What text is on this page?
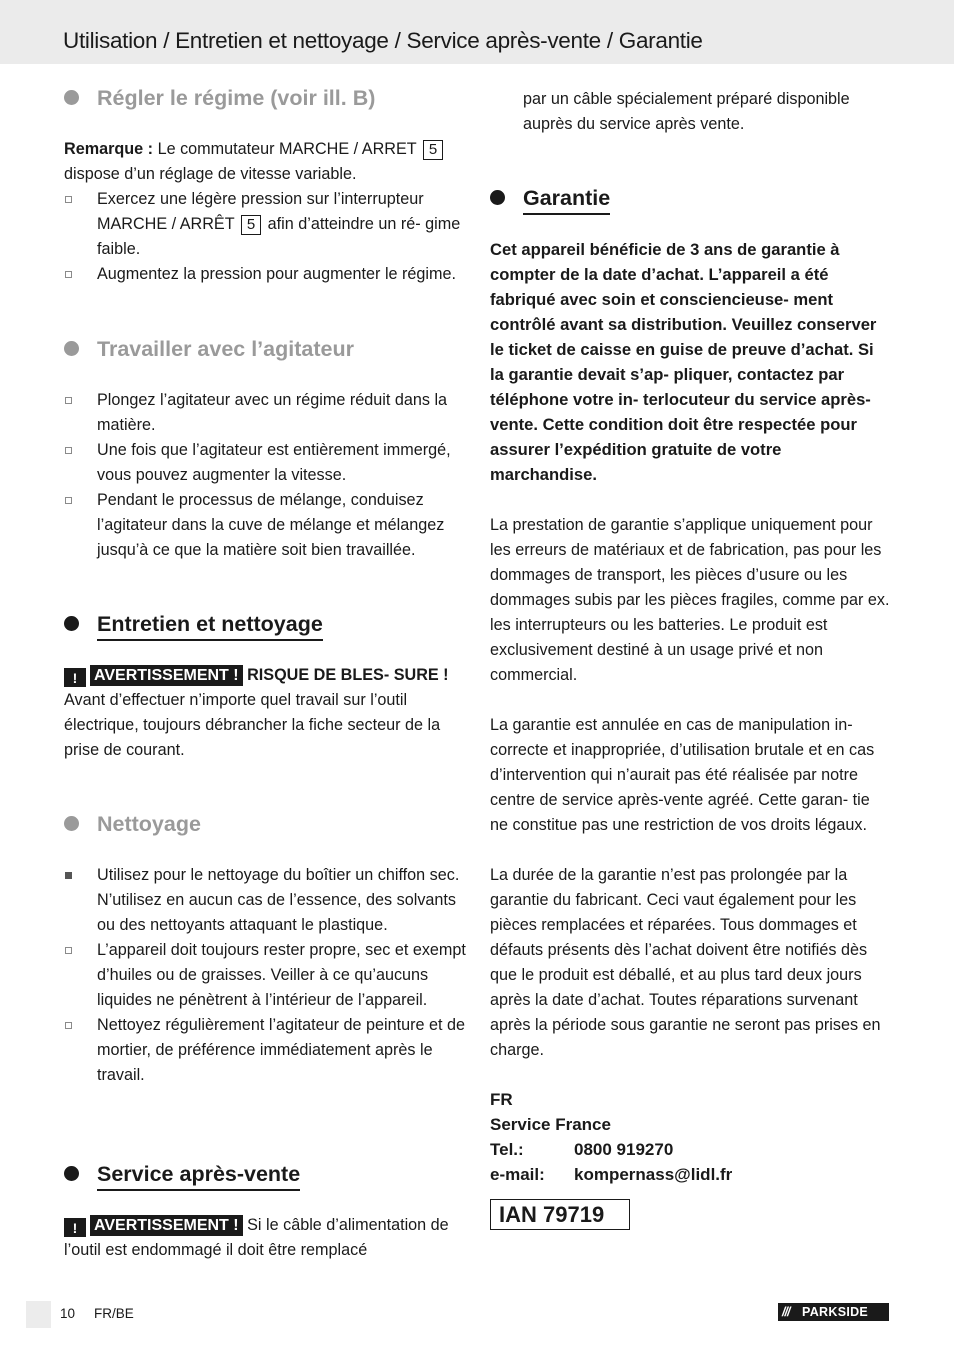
Utilisation / Entretien et nettoyage / Service après-vente / Garantie
Régler le régime (voir ill. B)
Remarque : Le commutateur MARCHE / ARRET 5 dispose d’un réglage de vitesse variable.
Exercez une légère pression sur l’interrupteur MARCHE / ARRÊT 5 afin d’atteindre un ré- gime faible.
Augmentez la pression pour augmenter le régime.
Travailler avec l’agitateur
Plongez l’agitateur avec un régime réduit dans la matière.
Une fois que l’agitateur est entièrement immergé, vous pouvez augmenter la vitesse.
Pendant le processus de mélange, conduisez l’agitateur dans la cuve de mélange et mélangez jusqu’à ce que la matière soit bien travaillée.
Entretien et nettoyage
! AVERTISSEMENT ! RISQUE DE BLES- SURE ! Avant d’effectuer n’importe quel travail sur l’outil électrique, toujours débrancher la fiche secteur de la prise de courant.
Nettoyage
Utilisez pour le nettoyage du boîtier un chiffon sec. N’utilisez en aucun cas de l’essence, des solvants ou des nettoyants attaquant le plastique.
L’appareil doit toujours rester propre, sec et exempt d’huiles ou de graisses. Veiller à ce qu’aucuns liquides ne pénètrent à l’intérieur de l’appareil.
Nettoyez régulièrement l’agitateur de peinture et de mortier, de préférence immédiatement après le travail.
Service après-vente
! AVERTISSEMENT ! Si le câble d’alimentation de l’outil est endommagé il doit être remplacé
par un câble spécialement préparé disponible auprès du service après vente.
Garantie
Cet appareil bénéficie de 3 ans de garantie à compter de la date d’achat. L’appareil a été fabriqué avec soin et consciencieuse- ment contrôlé avant sa distribution. Veuillez conserver le ticket de caisse en guise de preuve d’achat. Si la garantie devait s’ap- pliquer, contactez par téléphone votre in- terlocuteur du service après-vente. Cette condition doit être respectée pour assurer l’expédition gratuite de votre marchandise.
La prestation de garantie s’applique uniquement pour les erreurs de matériaux et de fabrication, pas pour les dommages de transport, les pièces d’usure ou les dommages subis par les pièces fragiles, comme par ex. les interrupteurs ou les batteries. Le produit est exclusivement destiné à un usage privé et non commercial.
La garantie est annulée en cas de manipulation in- correcte et inappropriée, d’utilisation brutale et en cas d’intervention qui n’aurait pas été réalisée par notre centre de service après-vente agréé. Cette garan- tie ne constitue pas une restriction de vos droits légaux.
La durée de la garantie n’est pas prolongée par la garantie du fabricant. Ceci vaut également pour les pièces remplacées et réparées. Tous dommages et défauts présents dès l’achat doivent être notifiés dès que le produit est déballé, et au plus tard deux jours après la date d’achat. Toutes réparations survenant après la période sous garantie ne seront pas prises en charge.
FR
Service France
Tel.:	0800 919270
e-mail: kompernass@lidl.fr
IAN 79719
10 FR/BE	/// PARKSIDE
